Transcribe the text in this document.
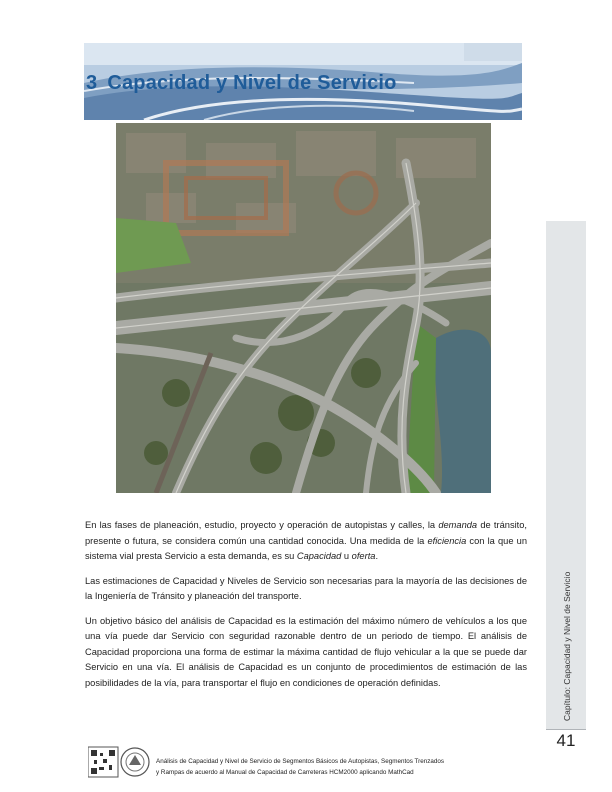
3 Capacidad y Nivel de Servicio

En las fases de planeación, estudio, proyecto y operación de autopistas y calles, la demanda de tránsito, presente o futura, se considera común una cantidad conocida. Una medida de la eficiencia con la que un sistema vial presta Servicio a esta demanda, es su Capacidad u oferta.

Las estimaciones de Capacidad y Niveles de Servicio son necesarias para la mayoría de las decisiones de la Ingeniería de Tránsito y planeación del transporte.

Un objetivo básico del análisis de Capacidad es la estimación del máximo número de vehículos a los que una vía puede dar Servicio con seguridad razonable dentro de un periodo de tiempo. El análisis de Capacidad proporciona una forma de estimar la máxima cantidad de flujo vehicular a la que se puede dar Servicio en una vía. El análisis de Capacidad es un conjunto de procedimientos de estimación de las posibilidades de la vía, para transportar el flujo en condiciones de operación definidas.	Capítulo: Capacidad y Nivel de Servicio
41
Análisis de Capacidad y Nivel de Servicio de Segmentos Básicos de Autopistas, Segmentos Trenzados
y Rampas de acuerdo al Manual de Capacidad de Carreteras HCM2000 aplicando MathCad
